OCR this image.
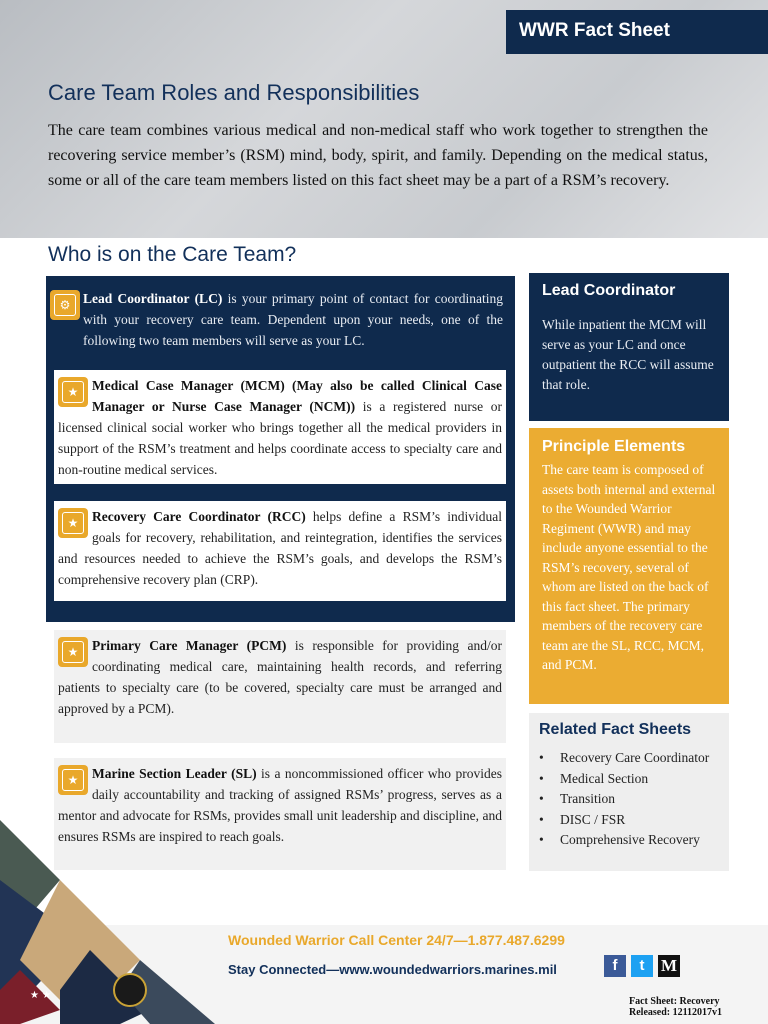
WWR Fact Sheet
Care Team Roles and Responsibilities

The care team combines various medical and non-medical staff who work together to strengthen the recovering service member’s (RSM) mind, body, spirit, and family. Depending on the medical status, some or all of the care team members listed on this fact sheet may be a part of a RSM’s recovery.

Who is on the Care Team?
⚙ Lead Coordinator (LC) is your primary point of contact for coordinating with your recovery care team. Dependent upon your needs, one of the following two team members will serve as your LC.

★	Medical Case Manager (MCM) (May also be called Clinical Case Manager or Nurse Case Manager (NCM)) is a registered nurse or licensed clinical social worker who brings together all the medical providers in support of the RSM’s treatment and helps coordinate access to specialty care and non-routine medical services.
★	Recovery Care Coordinator (RCC) helps define a RSM’s individual goals for recovery, rehabilitation, and reintegration, identifies the services and resources needed to achieve the RSM’s goals, and develops the RSM’s comprehensive recovery plan (CRP).
★	Primary Care Manager (PCM) is responsible for providing and/or coordinating medical care, maintaining health records, and referring patients to specialty care (to be covered, specialty care must be arranged and approved by a PCM).
★	Marine Section Leader (SL) is a noncommissioned officer who provides daily accountability and tracking of assigned RSMs’ progress, serves as a mentor and advocate for RSMs, provides small unit leadership and discipline, and ensures RSMs are inspired to reach goals.
Lead Coordinator

While inpatient the MCM will serve as your LC and once outpatient the RCC will assume that role.

Principle Elements

The care team is composed of assets both internal and external to the Wounded Warrior Regiment (WWR) and may include anyone essential to the RSM’s recovery, several of whom are listed on the back of this fact sheet. The primary members of the recovery care team are the SL, RCC, MCM, and PCM.

Related Fact Sheets
• Recovery Care Coordinator
• Medical Section
• Transition
• DISC / FSR
• Comprehensive Recovery
★ ★
Wounded Warrior Call Center 24/7—1.877.487.6299
Stay Connected—www.woundedwarriors.marines.mil	f	t M
Fact Sheet: Recovery
Released: 12112017v1
